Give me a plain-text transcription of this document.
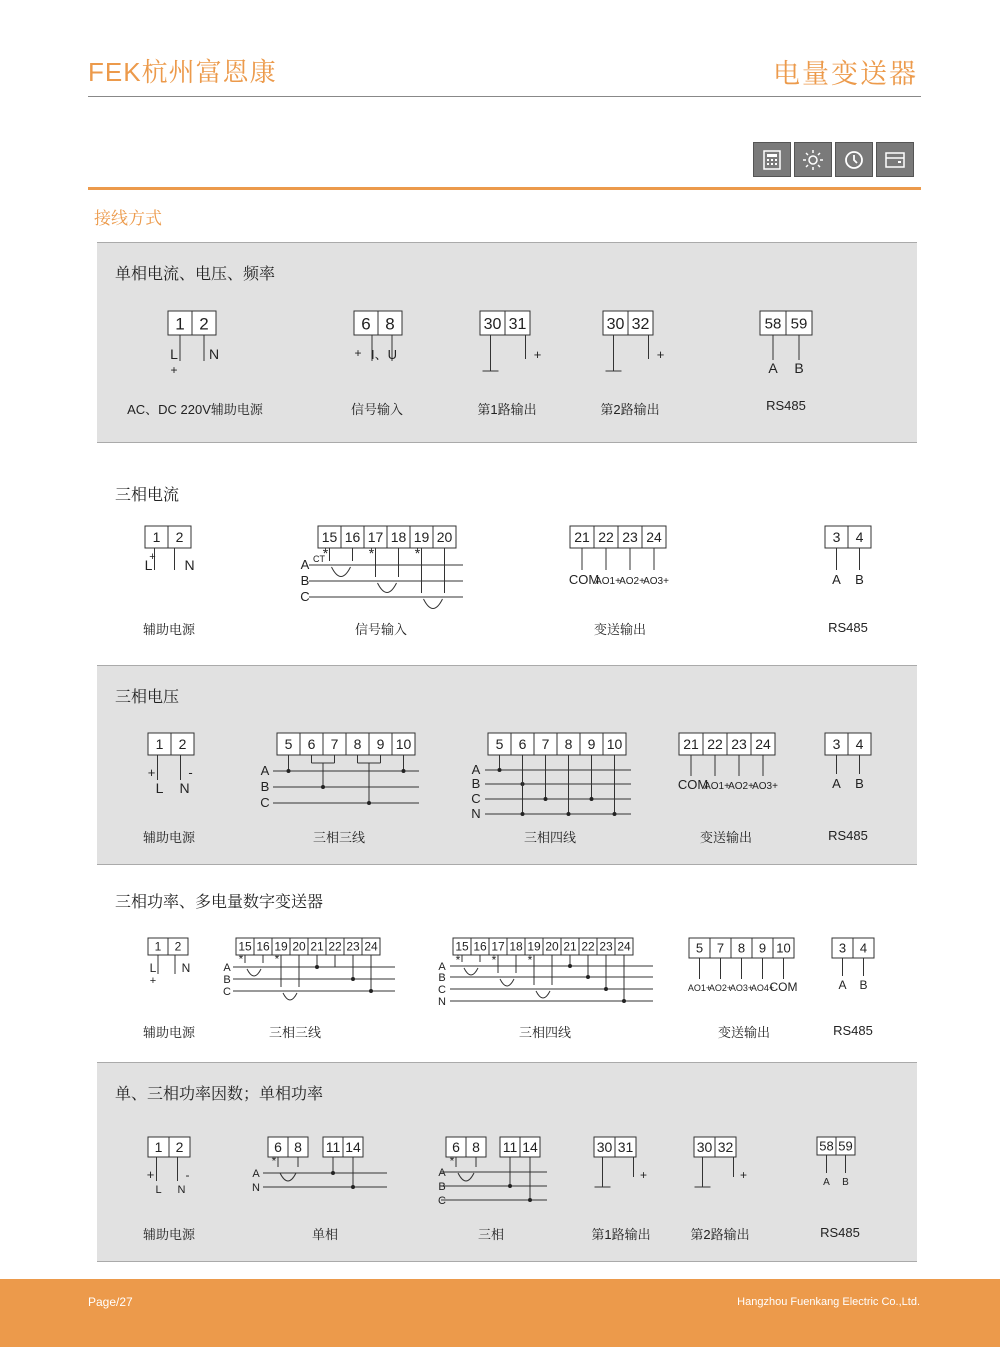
FEK杭州富恩康	电量变送器
接线方式
单相电流、电压、频率
1 2
L N
+
6 8
+ I、U
30 31
+
30 32
+
58 59
A B
AC、DC 220V辅助电源	信号输入	第1路输出	第2路输出	RS485
三相电流
1 2
L N
+
15 16 17 18 19 20
A
B
C
CT
*	*	*
21 22 23 24
COM
AO1+
AO2+
AO3+
3 4
A B
辅助电源	信号输入	变送输出	RS485
三相电压
1 2
+	-
L N
5 6 7 8 9 10
A
B
C
5 6 7 8 9 10
A
B
C
N
21 22 23 24
COM
AO1+
AO2+
AO3+
3 4
A B
辅助电源	三相三线	三相四线	变送输出	RS485
三相功率、多电量数字变送器
1 2
L N
+
15 16 19 20 21 22 23 24
A
B
C
*	*
15 16 17 18 19 20 21 22 23 24
A
B
C
N
*	*	*
5 7 8 9 10
AO1+
AO2+
AO3+
AO4+
COM
3 4
A B
辅助电源	三相三线	三相四线	变送输出	RS485
单、三相功率因数；单相功率
1 2
+	-
L N
6 8
A
N
*
11 14	6 8
A
B
C
*
11 14	30 31
+
30 32
+
58 59
A B
辅助电源	单相	三相	第1路输出	第2路输出	RS485
Page/27	Hangzhou Fuenkang Electric Co.,Ltd.
